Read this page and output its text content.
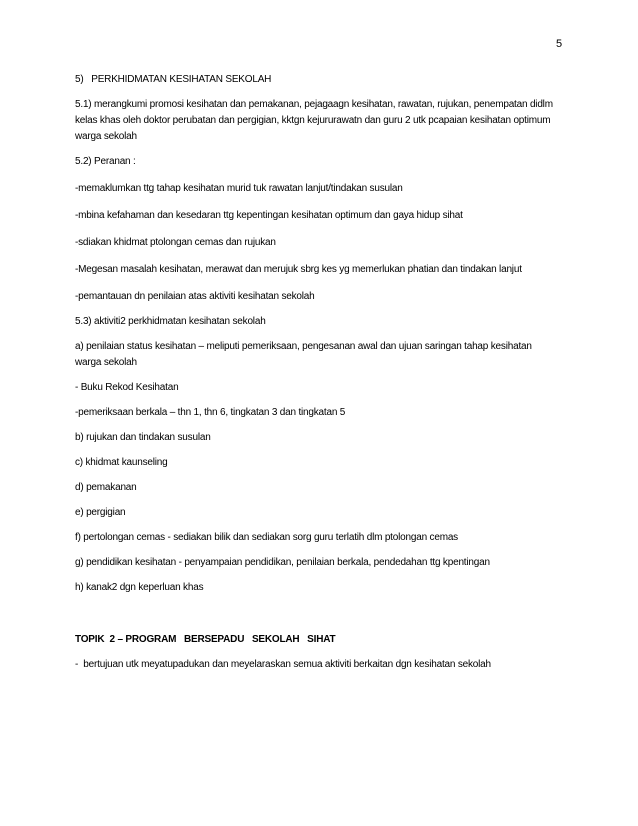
5

5)   PERKHIDMATAN KESIHATAN SEKOLAH

5.1) merangkumi promosi kesihatan dan pemakanan, pejagaagn kesihatan, rawatan, rujukan, penempatan didlm kelas khas oleh doktor perubatan dan pergigian, kktgn kejururawatn dan guru 2 utk pcapaian kesihatan optimum warga sekolah

5.2) Peranan :

-memaklumkan ttg tahap kesihatan murid tuk rawatan lanjut/tindakan susulan

-mbina kefahaman dan kesedaran ttg kepentingan kesihatan optimum dan gaya hidup sihat

-sdiakan khidmat ptolongan cemas dan rujukan

-Megesan masalah kesihatan, merawat dan merujuk sbrg kes yg memerlukan phatian dan tindakan lanjut

-pemantauan dn penilaian atas aktiviti kesihatan sekolah

5.3) aktiviti2 perkhidmatan kesihatan sekolah

a) penilaian status kesihatan – meliputi pemeriksaan, pengesanan awal dan ujuan saringan tahap kesihatan warga sekolah

- Buku Rekod Kesihatan

-pemeriksaan berkala – thn 1, thn 6, tingkatan 3 dan tingkatan 5

b) rujukan dan tindakan susulan

c) khidmat kaunseling

d) pemakanan

e) pergigian

f) pertolongan cemas - sediakan bilik dan sediakan sorg guru terlatih dlm ptolongan cemas

g) pendidikan kesihatan - penyampaian pendidikan, penilaian berkala, pendedahan ttg kpentingan

h) kanak2 dgn keperluan khas

TOPIK  2 – PROGRAM   BERSEPADU   SEKOLAH   SIHAT

-  bertujuan utk meyatupadukan dan meyelaraskan semua aktiviti berkaitan dgn kesihatan sekolah
